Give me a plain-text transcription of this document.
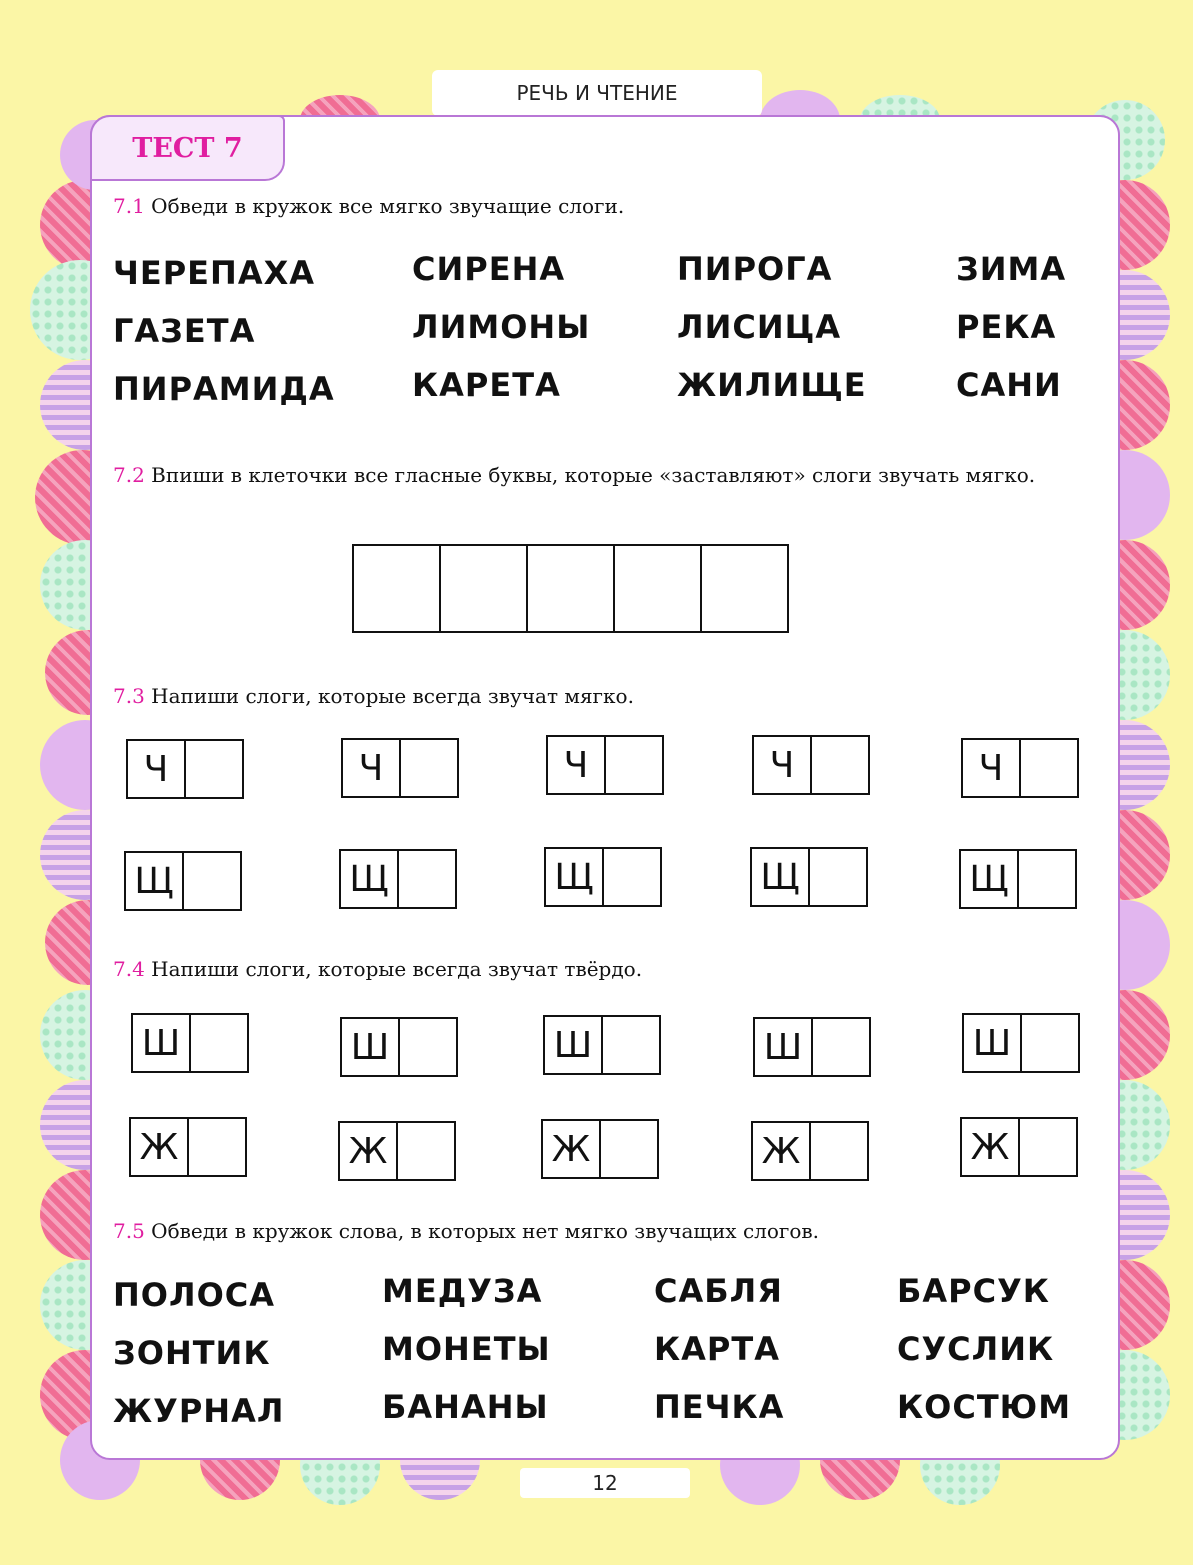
РЕЧЬ И ЧТЕНИЕ
ТЕСТ 7
7.1 Обведи в кружок все мягко звучащие слоги.
ЧЕРЕПАХА	СИРЕНА	ПИРОГА	ЗИМА
ГАЗЕТА	ЛИМОНЫ	ЛИСИЦА	РЕКА
ПИРАМИДА КАРЕТА	ЖИЛИЩЕ	САНИ
7.2 Впиши в клеточки все гласные буквы, которые «заставляют» слоги звучать мягко.
7.3 Напиши слоги, которые всегда звучат мягко.
Ч	Ч	Ч	Ч	Ч
Щ	Щ	Щ	Щ	Щ
7.4 Напиши слоги, которые всегда звучат твёрдо.
Ш	Ш	Ш	Ш	Ш
Ж	Ж	Ж	Ж	Ж
7.5 Обведи в кружок слова, в которых нет мягко звучащих слогов.
ПОЛОСА	МЕДУЗА	САБЛЯ	БАРСУК
ЗОНТИК	МОНЕТЫ	КАРТА	СУСЛИК
ЖУРНАЛ	БАНАНЫ	ПЕЧКА	КОСТЮМ
12
